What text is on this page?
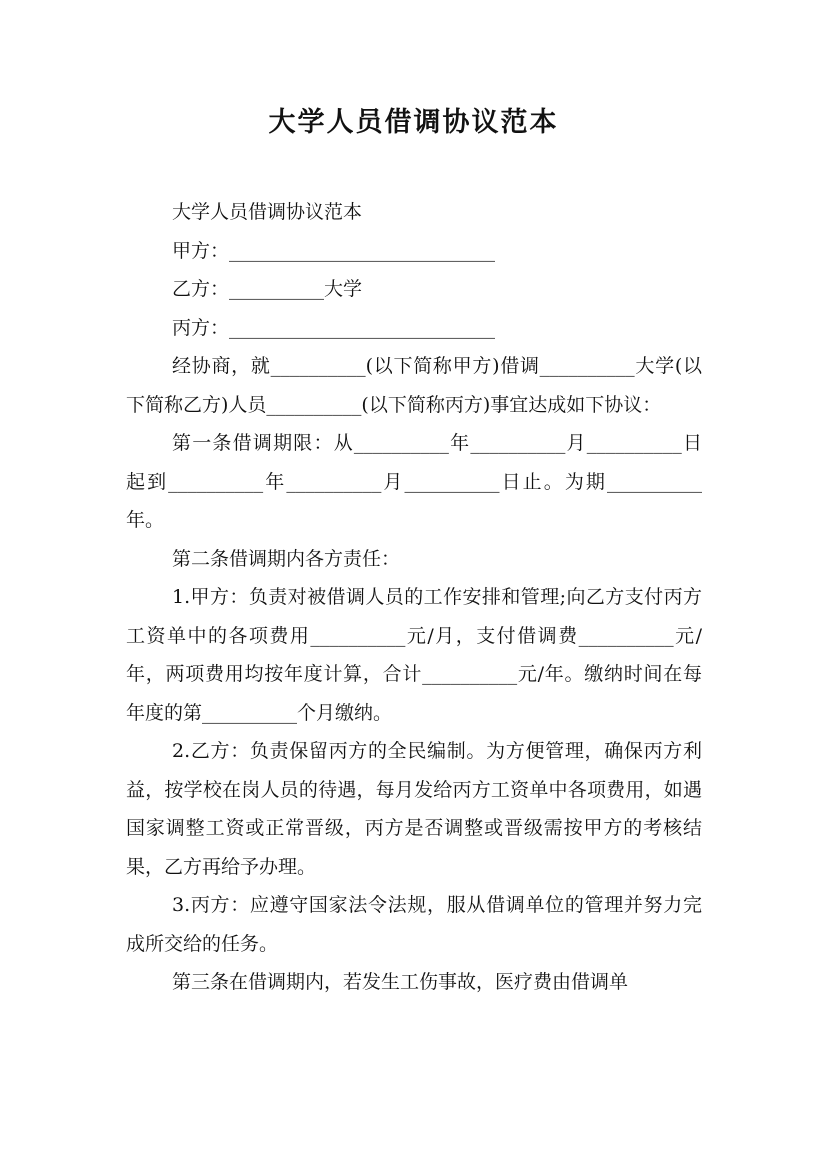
大学人员借调协议范本

大学人员借调协议范本

甲方：____________________________

乙方：__________大学

丙方：____________________________

经协商，就__________(以下简称甲方)借调__________大学(以下简称乙方)人员__________(以下简称丙方)事宜达成如下协议：

第一条借调期限：从__________年__________月__________日起到__________年__________月__________日止。为期__________年。

第二条借调期内各方责任：

1.甲方：负责对被借调人员的工作安排和管理;向乙方支付丙方工资单中的各项费用__________元/月，支付借调费__________元/年，两项费用均按年度计算，合计__________元/年。缴纳时间在每年度的第__________个月缴纳。

2.乙方：负责保留丙方的全民编制。为方便管理，确保丙方利益，按学校在岗人员的待遇，每月发给丙方工资单中各项费用，如遇国家调整工资或正常晋级，丙方是否调整或晋级需按甲方的考核结果，乙方再给予办理。

3.丙方：应遵守国家法令法规，服从借调单位的管理并努力完成所交给的任务。

第三条在借调期内，若发生工伤事故，医疗费由借调单
